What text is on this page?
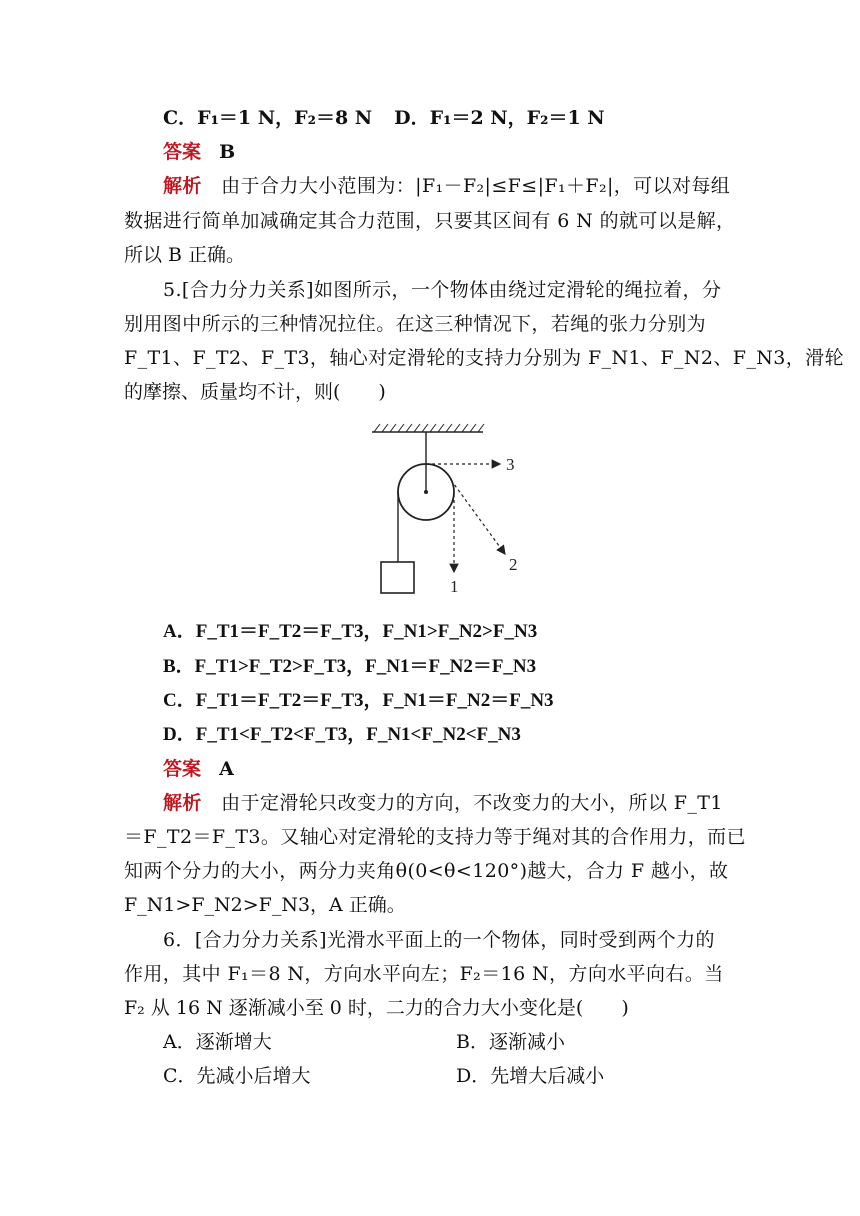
C．F₁＝1 N，F₂＝8 N D．F₁＝2 N，F₂＝1 N
答案 B
解析 由于合力大小范围为：|F₁－F₂|≤F≤|F₁＋F₂|，可以对每组
数据进行简单加减确定其合力范围，只要其区间有 6 N 的就可以是解，
所以 B 正确。
5.[合力分力关系]如图所示，一个物体由绕过定滑轮的绳拉着，分
别用图中所示的三种情况拉住。在这三种情况下，若绳的张力分别为
F_T1、F_T2、F_T3，轴心对定滑轮的支持力分别为 F_N1、F_N2、F_N3，滑轮
的摩擦、质量均不计，则(　　)
3
2
1
A．F_T1＝F_T2＝F_T3，F_N1>F_N2>F_N3
B．F_T1>F_T2>F_T3，F_N1＝F_N2＝F_N3
C．F_T1＝F_T2＝F_T3，F_N1＝F_N2＝F_N3
D．F_T1<F_T2<F_T3，F_N1<F_N2<F_N3
答案 A
解析 由于定滑轮只改变力的方向，不改变力的大小，所以 F_T1
＝F_T2＝F_T3。又轴心对定滑轮的支持力等于绳对其的合作用力，而已
知两个分力的大小，两分力夹角θ(0<θ<120°)越大，合力 F 越小，故
F_N1>F_N2>F_N3，A 正确。
6．[合力分力关系]光滑水平面上的一个物体，同时受到两个力的
作用，其中 F₁＝8 N，方向水平向左；F₂＝16 N，方向水平向右。当
F₂ 从 16 N 逐渐减小至 0 时，二力的合力大小变化是(　　)
A．逐渐增大	B．逐渐减小
C．先减小后增大	D．先增大后减小
